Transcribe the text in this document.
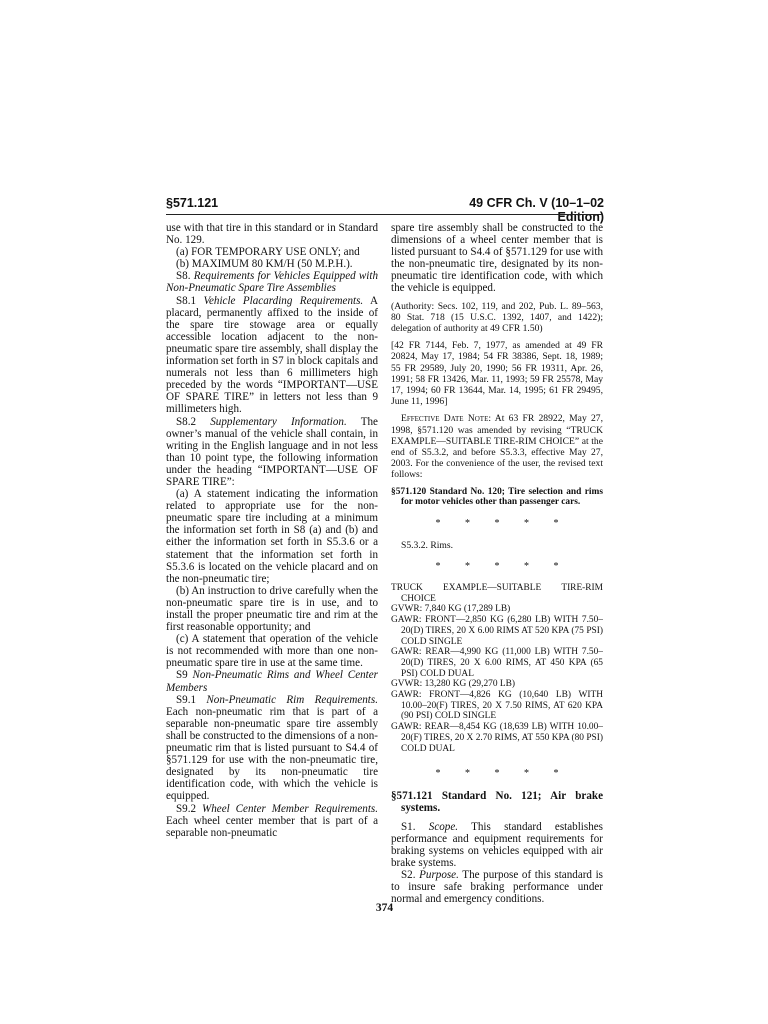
§571.121	49 CFR Ch. V (10–1–02 Edition)

use with that tire in this standard or in Standard No. 129.

(a) FOR TEMPORARY USE ONLY; and

(b) MAXIMUM 80 KM/H (50 M.P.H.).

S8. Requirements for Vehicles Equipped with Non-Pneumatic Spare Tire Assemblies

S8.1 Vehicle Placarding Requirements. A placard, permanently affixed to the inside of the spare tire stowage area or equally accessible location adjacent to the non-pneumatic spare tire assembly, shall display the information set forth in S7 in block capitals and numerals not less than 6 millimeters high preceded by the words “IMPORTANT—USE OF SPARE TIRE” in letters not less than 9 millimeters high.

S8.2 Supplementary Information. The owner’s manual of the vehicle shall contain, in writing in the English language and in not less than 10 point type, the following information under the heading “IMPORTANT—USE OF SPARE TIRE”:

(a) A statement indicating the information related to appropriate use for the non-pneumatic spare tire including at a minimum the information set forth in S8 (a) and (b) and either the information set forth in S5.3.6 or a statement that the information set forth in S5.3.6 is located on the vehicle placard and on the non-pneumatic tire;

(b) An instruction to drive carefully when the non-pneumatic spare tire is in use, and to install the proper pneumatic tire and rim at the first reasonable opportunity; and

(c) A statement that operation of the vehicle is not recommended with more than one non-pneumatic spare tire in use at the same time.

S9 Non-Pneumatic Rims and Wheel Center Members

S9.1 Non-Pneumatic Rim Requirements. Each non-pneumatic rim that is part of a separable non-pneumatic spare tire assembly shall be constructed to the dimensions of a non-pneumatic rim that is listed pursuant to S4.4 of §571.129 for use with the non-pneumatic tire, designated by its non-pneumatic tire identification code, with which the vehicle is equipped.

S9.2 Wheel Center Member Requirements. Each wheel center member that is part of a separable non-pneumatic

spare tire assembly shall be constructed to the dimensions of a wheel center member that is listed pursuant to S4.4 of §571.129 for use with the non-pneumatic tire, designated by its non-pneumatic tire identification code, with which the vehicle is equipped.

(Authority: Secs. 102, 119, and 202, Pub. L. 89–563, 80 Stat. 718 (15 U.S.C. 1392, 1407, and 1422); delegation of authority at 49 CFR 1.50)

[42 FR 7144, Feb. 7, 1977, as amended at 49 FR 20824, May 17, 1984; 54 FR 38386, Sept. 18, 1989; 55 FR 29589, July 20, 1990; 56 FR 19311, Apr. 26, 1991; 58 FR 13426, Mar. 11, 1993; 59 FR 25578, May 17, 1994; 60 FR 13644, Mar. 14, 1995; 61 FR 29495, June 11, 1996]

Effective Date Note: At 63 FR 28922, May 27, 1998, §571.120 was amended by revising “TRUCK EXAMPLE—SUITABLE TIRE-RIM CHOICE” at the end of S5.3.2, and before S5.3.3, effective May 27, 2003. For the convenience of the user, the revised text follows:

§571.120 Standard No. 120; Tire selection and rims for motor vehicles other than passenger cars.

* * * * *

S5.3.2. Rims.

* * * * *

TRUCK EXAMPLE—SUITABLE TIRE-RIM CHOICE

GVWR: 7,840 KG (17,289 LB)

GAWR: FRONT—2,850 KG (6,280 LB) WITH 7.50–20(D) TIRES, 20 X 6.00 RIMS AT 520 KPA (75 PSI) COLD SINGLE

GAWR: REAR—4,990 KG (11,000 LB) WITH 7.50–20(D) TIRES, 20 X 6.00 RIMS, AT 450 KPA (65 PSI) COLD DUAL

GVWR: 13,280 KG (29,270 LB)

GAWR: FRONT—4,826 KG (10,640 LB) WITH 10.00–20(F) TIRES, 20 X 7.50 RIMS, AT 620 KPA (90 PSI) COLD SINGLE

GAWR: REAR—8,454 KG (18,639 LB) WITH 10.00–20(F) TIRES, 20 X 2.70 RIMS, AT 550 KPA (80 PSI) COLD DUAL

* * * * *

§571.121 Standard No. 121; Air brake systems.

S1. Scope. This standard establishes performance and equipment requirements for braking systems on vehicles equipped with air brake systems.

S2. Purpose. The purpose of this standard is to insure safe braking performance under normal and emergency conditions.

374
